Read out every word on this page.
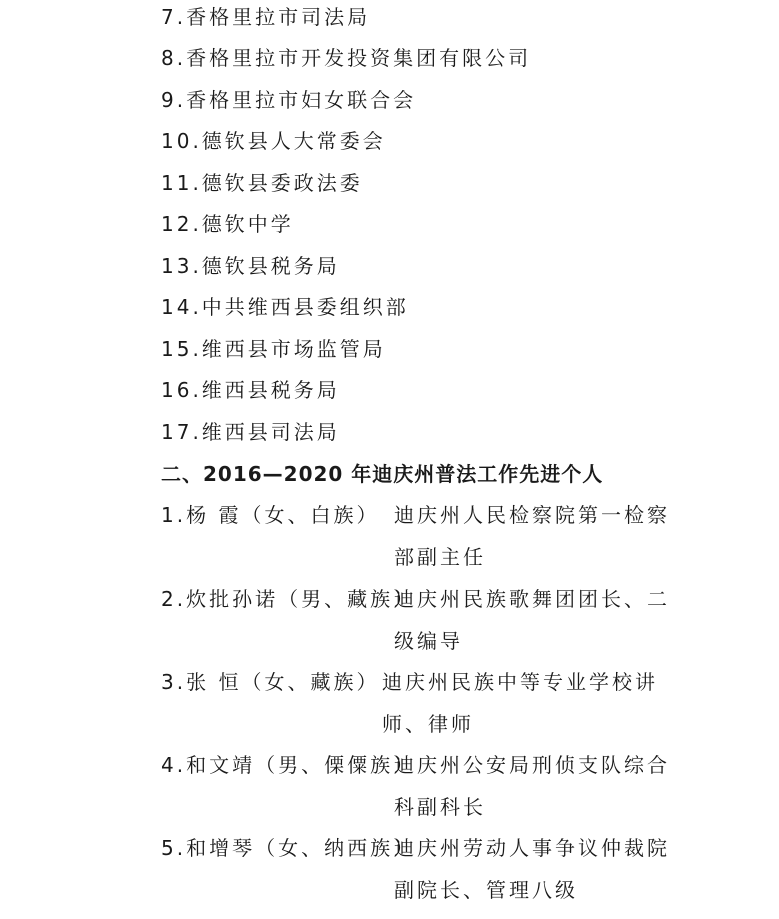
7.香格里拉市司法局
8.香格里拉市开发投资集团有限公司
9.香格里拉市妇女联合会
10.德钦县人大常委会
11.德钦县委政法委
12.德钦中学
13.德钦县税务局
14.中共维西县委组织部
15.维西县市场监管局
16.维西县税务局
17.维西县司法局
二、2016—2020 年迪庆州普法工作先进个人
1.杨 霞（女、白族） 迪庆州人民检察院第一检察部副主任
2.炊批孙诺（男、藏族）
迪庆州民族歌舞团团长、二级编导
3.张 恒（女、藏族） 迪庆州民族中等专业学校讲师、律师
4.和文靖（男、傈僳族）
迪庆州公安局刑侦支队综合科副科长
5.和增琴（女、纳西族）
迪庆州劳动人事争议仲裁院副院长、管理八级
